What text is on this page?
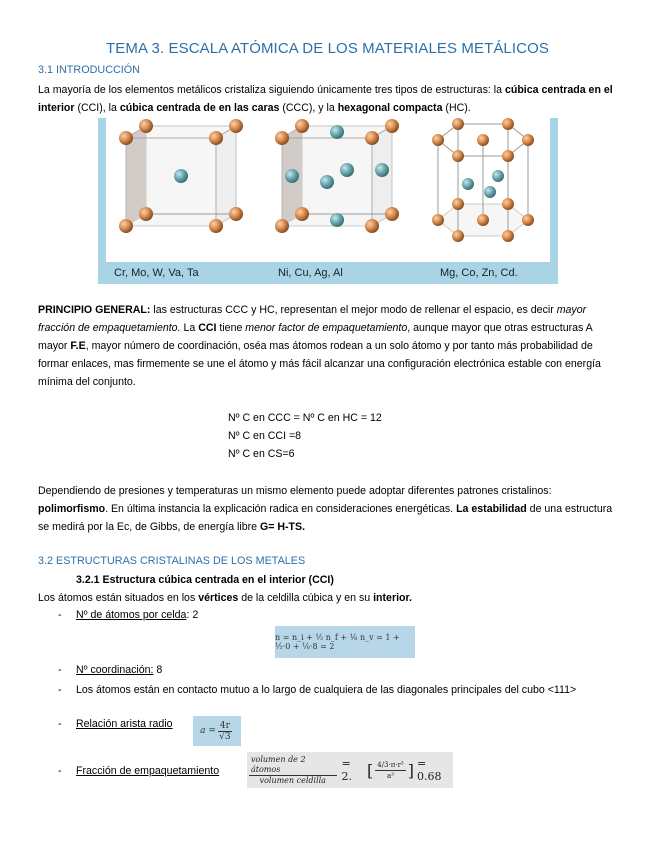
TEMA 3. ESCALA ATÓMICA DE LOS MATERIALES METÁLICOS
3.1 INTRODUCCIÓN
La mayoría de los elementos metálicos cristaliza siguiendo únicamente tres tipos de estructuras: la cúbica centrada en el interior (CCI), la cúbica centrada de en las caras (CCC), y la hexagonal compacta (HC).
Cr, Mo, W, Va, Ta	Ni, Cu, Ag, Al	Mg, Co, Zn, Cd.
PRINCIPIO GENERAL: las estructuras CCC y HC, representan el mejor modo de rellenar el espacio, es decir mayor fracción de empaquetamiento. La CCI tiene menor factor de empaquetamiento, aunque mayor que otras estructuras A mayor F.E, mayor número de coordinación, oséa mas átomos rodean a un solo átomo y por tanto más probabilidad de formar enlaces, mas firmemente se une el átomo y más fácil alcanzar una configuración electrónica estable con energía mínima del conjunto.
Nº C en CCC = Nº C en HC = 12
Nº C en CCI =8
Nº C en CS=6
Dependiendo de presiones y temperaturas un mismo elemento puede adoptar diferentes patrones cristalinos: polimorfismo. En última instancia la explicación radica en consideraciones energéticas. La estabilidad de una estructura se medirá por la Ec, de Gibbs, de energía libre G= H-TS.
3.2 ESTRUCTURAS CRISTALINAS DE LOS METALES
3.2.1 Estructura cúbica centrada en el interior (CCI)
Los átomos están situados en los vértices de la celdilla cúbica y en su interior.
- Nº de átomos por celda: 2
n = n_i + ½ n_f + ⅛ n_v = 1 + ½·0 + ⅛·8 = 2
- Nº coordinación: 8
- Los átomos están en contacto mutuo a lo largo de cualquiera de las diagonales principales del cubo <111>
- Relación arista radio
$a = \frac{4r}{√3}$
- Fracción de empaquetamiento	$\frac{\text{volumen de 2 átomos}}{\text{volumen celdilla}} = 2$. [ $\frac{\text{4/3·π·r³}}{\text{a³}}$ ] = 0.68
